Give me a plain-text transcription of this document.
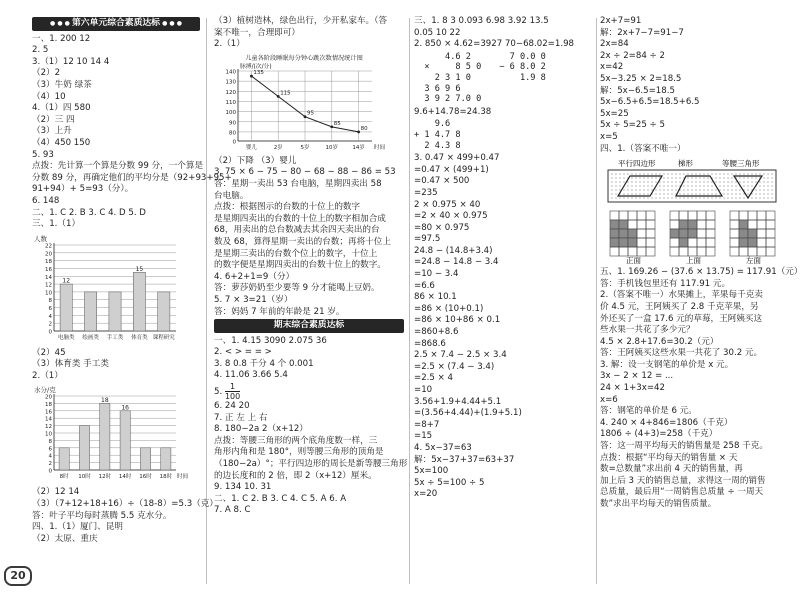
● ● ● 第六单元综合素质达标 ● ● ●
一、1. 200 12
2. 5
3.（1）12 10 14 4
（2）2
（3）牛奶 绿茶
（4）10
4.（1）四 580
（2）三 四
（3）上升
（4）450 150
5. 93
点拨：先计算一个算是分数 99 分，一个算是
分数 89 分，再确定他们的平均分是（92+93+95+
91+94）+ 5=93（分）。
6. 148
二、1. C 2. B 3. C 4. D 5. D
三、1.（1）
人数
0
2
4
6
8
10
12
14
16
18
20
22
12
电脑类 绘画类 手工类
15
体育类 课程研究
（2）45
（3）体育类 手工类
2.（1）
水分/克
0
2
4
6
8
10
12
14
16
18
20
8时 10时
18
12时
16
14时 16时 18时 时间
（2）12 14
（3）（7+12+18+16）÷（18-8）=5.3（克）
答：叶子平均每时蒸腾 5.5 克水分。
四、1.（1）厦门、昆明
（2）太原、重庆
（3）植树造林，绿色出行，少开私家车。（答
案不唯一，合理即可）
2.（1）
儿童各阶段睡眠每分钟心跳次数情况统计图
脉搏/(次/分)
0
80
90
100
110
120
130
140
婴儿	2岁	5岁	10岁	14岁
135
115
95
85
80
时间
（2）下降 （3）婴儿
3. 75 × 6 − 75 − 80 − 68 − 88 − 86 = 53
答：星期一卖出 53 台电脑，星期四卖出 58
台电脑。
点拨：根据图示的台数的十位上的数字
是星期四卖出的台数的十位上的数字相加合成
68，用卖出的总台数减去其余四天卖出的台
数及 68，算得星期一卖出的台数；再将十位上
是星期三卖出的台数个位上的数字，十位上
的数字便是星期四卖出的台数十位上的数字。
4. 6+2+1=9（分）
答：萝莎奶奶至少要等 9 分才能喝上豆奶。
5. 7 × 3=21（岁）
答：妈妈 7 年前的年龄是 21 岁。
期末综合素质达标
一、1. 4.15 3090 2.075 36
2. < > = = >
3. 8 0.8 千分 4 个 0.001
4. 11.06 3.66 5.4
5. $\frac{1}{100}$
6. 24 20
7. 正 左 上 右
8. 180−2a 2（x+12）
点拨：等腰三角形的两个底角度数一样，三
角形内角和是 180°，则等腰三角形的顶角是
（180−2a）°；平行四边形的周长是新等腰三角形
的边长度和的 2 倍，即 2（x+12）厘米。
9. 134 10. 31
二、1. C 2. B 3. C 4. C 5. A 6. A
7. A 8. C
三、1. 8 3 0.093 6.98 3.92 13.5
0.05 10 22
2. 850 × 4.62=3927 70−68.02=1.98
4.6 2
×     8 5 0
2 3 1 0
3 6 9 6
3 9 2 7.0 0
7 0.0 0
− 6 8.0 2
1.9 8
9.6+14.78=24.38
9.6
+ 1 4.7 8
2 4.3 8
3. 0.47 × 499+0.47
=0.47 × (499+1)
=0.47 × 500
=235
2 × 0.975 × 40
=2 × 40 × 0.975
=80 × 0.975
=97.5
24.8 − (14.8+3.4)
=24.8 − 14.8 − 3.4
=10 − 3.4
=6.6
86 × 10.1
=86 × (10+0.1)
=86 × 10+86 × 0.1
=860+8.6
=868.6
2.5 × 7.4 − 2.5 × 3.4
=2.5 × (7.4 − 3.4)
=2.5 × 4
=10
3.56+1.9+4.44+5.1
=(3.56+4.44)+(1.9+5.1)
=8+7
=15
4. 5x−37=63
解：5x−37+37=63+37
5x=100
5x ÷ 5=100 ÷ 5
x=20
2x+7=91
解：2x+7−7=91−7
2x=84
2x ÷ 2=84 ÷ 2
x=42
5x−3.25 × 2=18.5
解：5x−6.5=18.5
5x−6.5+6.5=18.5+6.5
5x=25
5x ÷ 5=25 ÷ 5
x=5
四、1.（答案不唯一）
平行四边形	梯形	等腰三角形
正面	上面	左面
五、1. 169.26 − (37.6 × 13.75) = 117.91（元）
答：手机钱包里还有 117.91 元。
2.（答案不唯一）水果摊上，苹果每千克卖
价 4.5 元，王阿姨买了 2.8 千克苹果，另
外还买了一盒 17.6 元的草莓，王阿姨买这
些水果一共花了多少元？
4.5 × 2.8+17.6=30.2（元）
答：王阿姨买这些水果一共花了 30.2 元。
3. 解：设一支钢笔的单价是 x 元。
3x − 2 × 12 = ...
24 × 1+3x=42
x=6
答：钢笔的单价是 6 元。
4. 240 × 4+846=1806（千克）
1806 ÷ (4+3)=258（千克）
答：这一周平均每天的销售量是 258 千克。
点拨：根据“平均每天的销售量 × 天
数=总数量”求出前 4 天的销售量，再
加上后 3 天的销售总量，求得这一周的销售
总质量，最后用“一周销售总质量 ÷ 一周天
数”求出平均每天的销售质量。
20
